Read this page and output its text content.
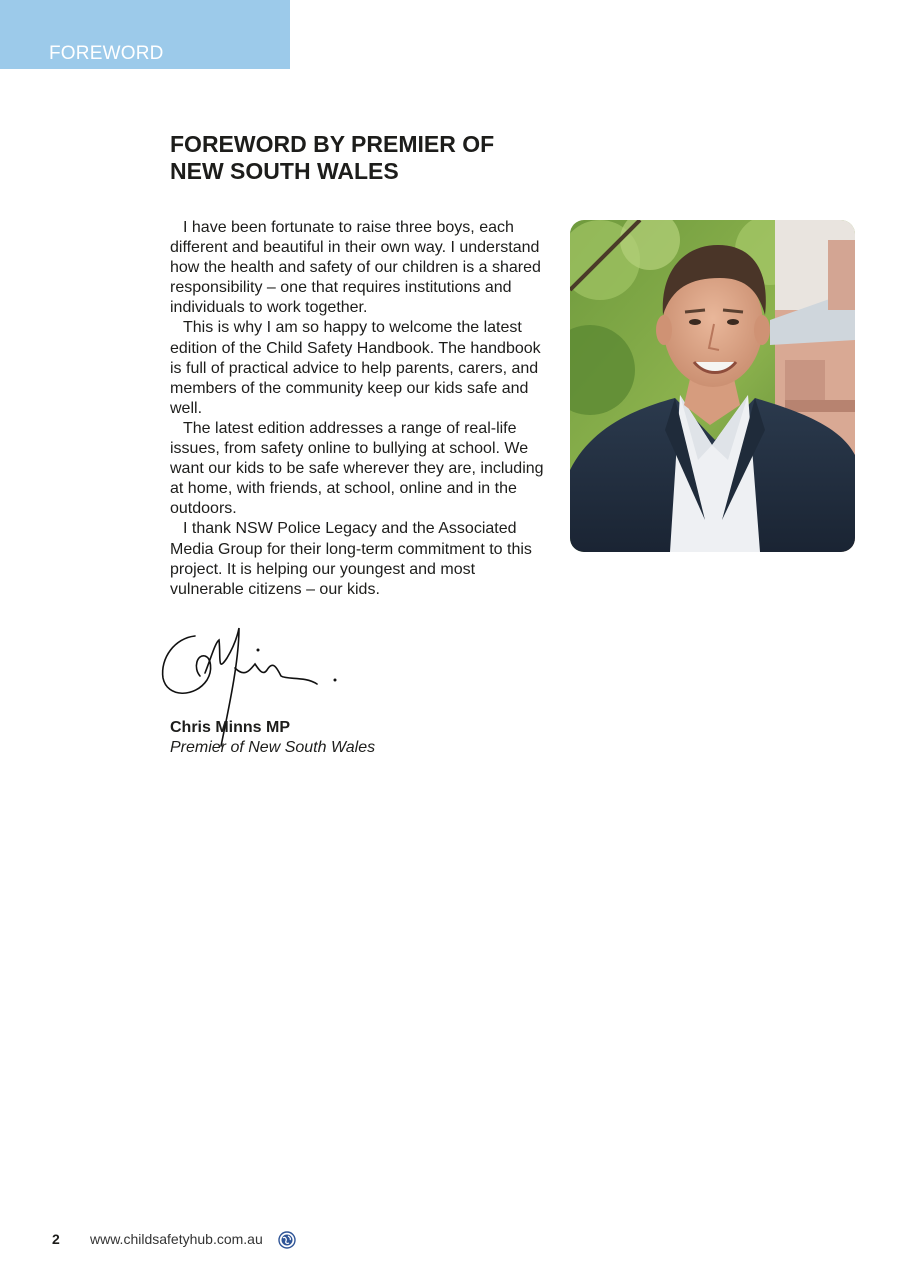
FOREWORD
FOREWORD BY PREMIER OF NEW SOUTH WALES

I have been fortunate to raise three boys, each different and beautiful in their own way. I understand how the health and safety of our children is a shared responsibility – one that requires institutions and individuals to work together.

This is why I am so happy to welcome the latest edition of the Child Safety Handbook. The handbook is full of practical advice to help parents, carers, and members of the community keep our kids safe and well.

The latest edition addresses a range of real-life issues, from safety online to bullying at school. We want our kids to be safe wherever they are, including at home, with friends, at school, online and in the outdoors.

I thank NSW Police Legacy and the Associated Media Group for their long-term commitment to this project. It is helping our youngest and most vulnerable citizens – our kids.

Chris Minns MP
Premier of New South Wales
2 www.childsafetyhub.com.au
